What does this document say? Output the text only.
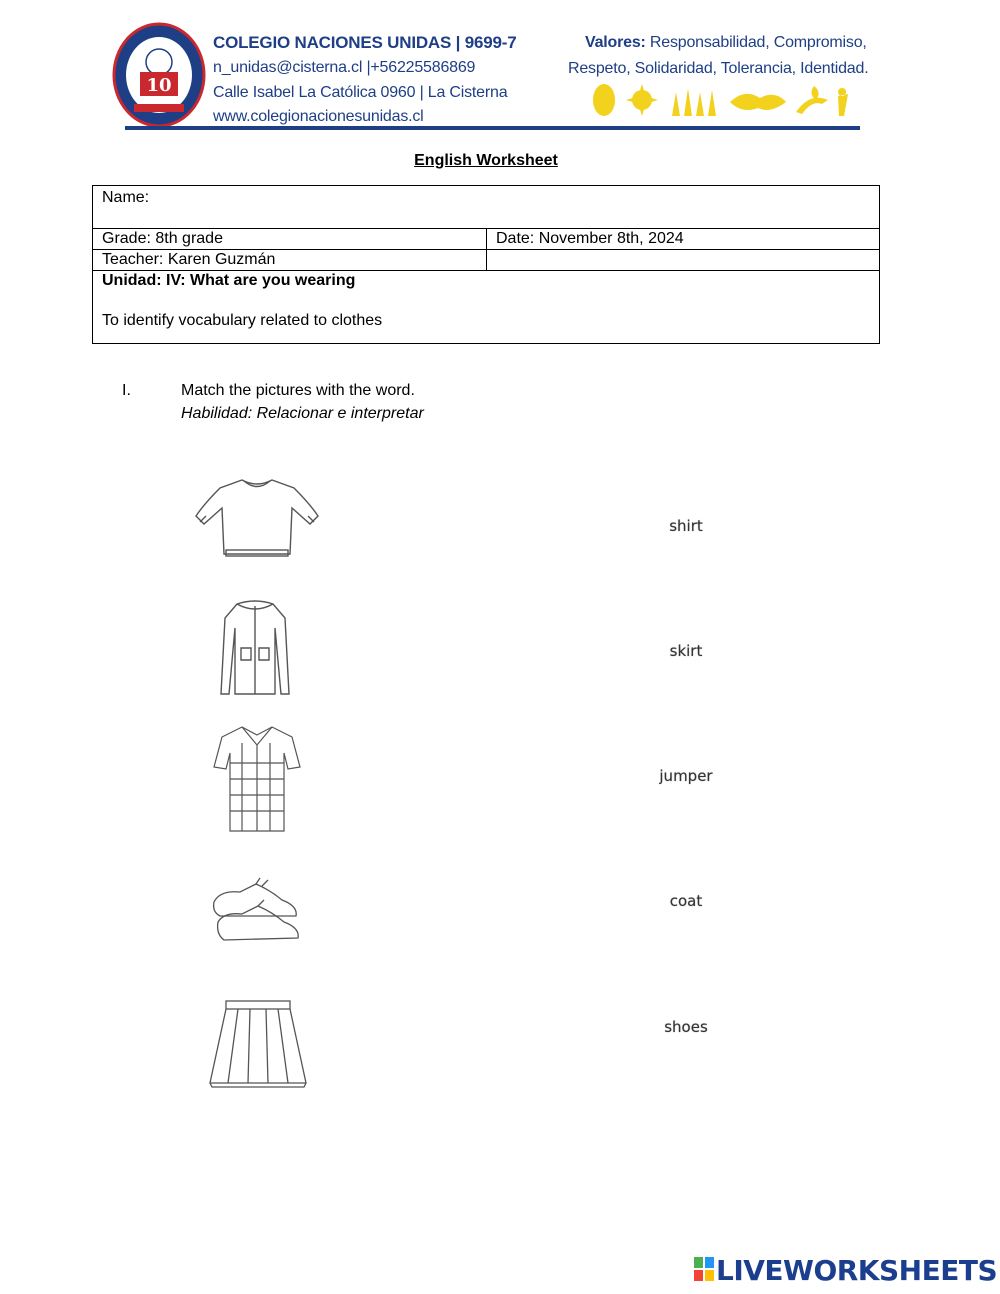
10
COLEGIO NACIONES UNIDAS | 9699-7
n_unidas@cisterna.cl |+56225586869
Calle Isabel La Católica 0960 | La Cisterna
www.colegionacionesunidas.cl
Valores: Responsabilidad, Compromiso,
Respeto, Solidaridad, Tolerancia, Identidad.
English Worksheet
Name:	
Grade: 8th grade	Date: November 8th, 2024
Teacher: Karen Guzmán	

Unidad: IV: What are you wearing
To identify vocabulary related to clothes	
I.	Match the pictures with the word.
Habilidad: Relacionar e interpretar
shirt
skirt
jumper
coat
shoes
LIVEWORKSHEETS
